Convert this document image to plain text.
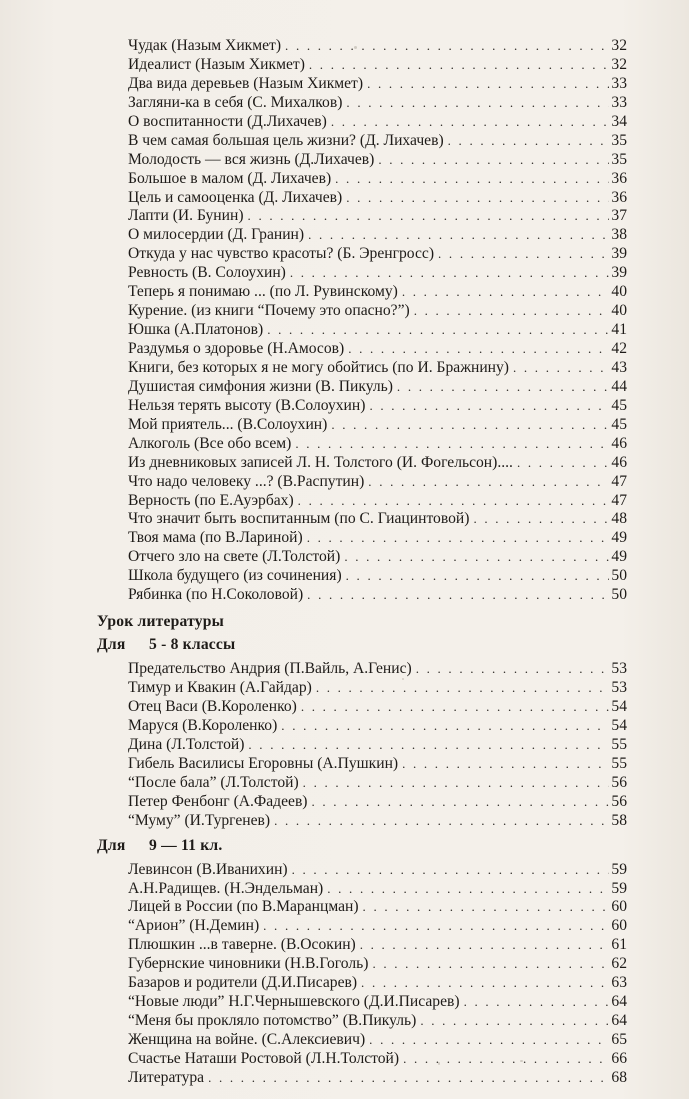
Чудак (Назым Хикмет) . . .	32
Идеалист (Назым Хикмет) . . .	32
Два вида деревьев (Назым Хикмет) . . .	33
Загляни-ка в себя (С. Михалков) . . .	33
О воспитанности (Д.Лихачев) . . .	34
В чем самая большая цель жизни? (Д. Лихачев) . . .	35
Молодость — вся жизнь (Д.Лихачев) . . .	35
Большое в малом (Д. Лихачев) . . .	36
Цель и самооценка (Д. Лихачев) . . .	36
Лапти (И. Бунин) . . .	37
О милосердии (Д. Гранин) . . .	38
Откуда у нас чувство красоты? (Б. Эренгросс) . . .	39
Ревность (В. Солоухин) . . .	39
Теперь я понимаю ... (по Л. Рувинскому) . . .	40
Курение. (из книги “Почему это опасно?”) . . .	40
Юшка (А.Платонов) . . .	41
Раздумья о здоровье (Н.Амосов) . . .	42
Книги, без которых я не могу обойтись (по И. Бражнину) . . .	43
Душистая симфония жизни (В. Пикуль) . . .	44
Нельзя терять высоту (В.Солоухин) . . .	45
Мой приятель... (В.Солоухин) . . .	45
Алкоголь (Все обо всем) . . .	46
Из дневниковых записей Л. Н. Толстого (И. Фогельсон).... . . .	46
Что надо человеку ...? (В.Распутин) . . .	47
Верность (по Е.Ауэрбах) . . .	47
Что значит быть воспитанным (по С. Гиацинтовой) . . .	48
Твоя мама (по В.Лариной) . . .	49
Отчего зло на свете (Л.Толстой) . . .	49
Школа будущего (из сочинения) . . .	50
Рябинка (по Н.Соколовой) . . .	50
Урок литературы
Для 5 - 8 классы
Предательство Андрия (П.Вайль, А.Генис) . . .	53
Тимур и Квакин (А.Гайдар) . . .	53
Отец Васи (В.Короленко) . . .	54
Маруся (В.Короленко) . . .	54
Дина (Л.Толстой) . . .	55
Гибель Василисы Егоровны (А.Пушкин) . . .	55
“После бала” (Л.Толстой) . . .	56
Петер Фенбонг (А.Фадеев) . . .	56
“Муму” (И.Тургенев) . . .	58
Для 9 — 11 кл.
Левинсон (В.Иванихин) . . .	59
А.Н.Радищев. (Н.Эндельман) . . .	59
Лицей в России (по В.Маранцман) . . .	60
“Арион” (Н.Демин) . . .	60
Плюшкин ...в таверне. (В.Осокин) . . .	61
Губернские чиновники (Н.В.Гоголь) . . .	62
Базаров и родители (Д.И.Писарев) . . .	63
“Новые люди” Н.Г.Чернышевского (Д.И.Писарев) . . .	64
“Меня бы прокляло потомство” (В.Пикуль) . . .	64
Женщина на войне. (С.Алексиевич) . . .	65
Счастье Наташи Ростовой (Л.Н.Толстой) . . .	66
Литература . . .	68
